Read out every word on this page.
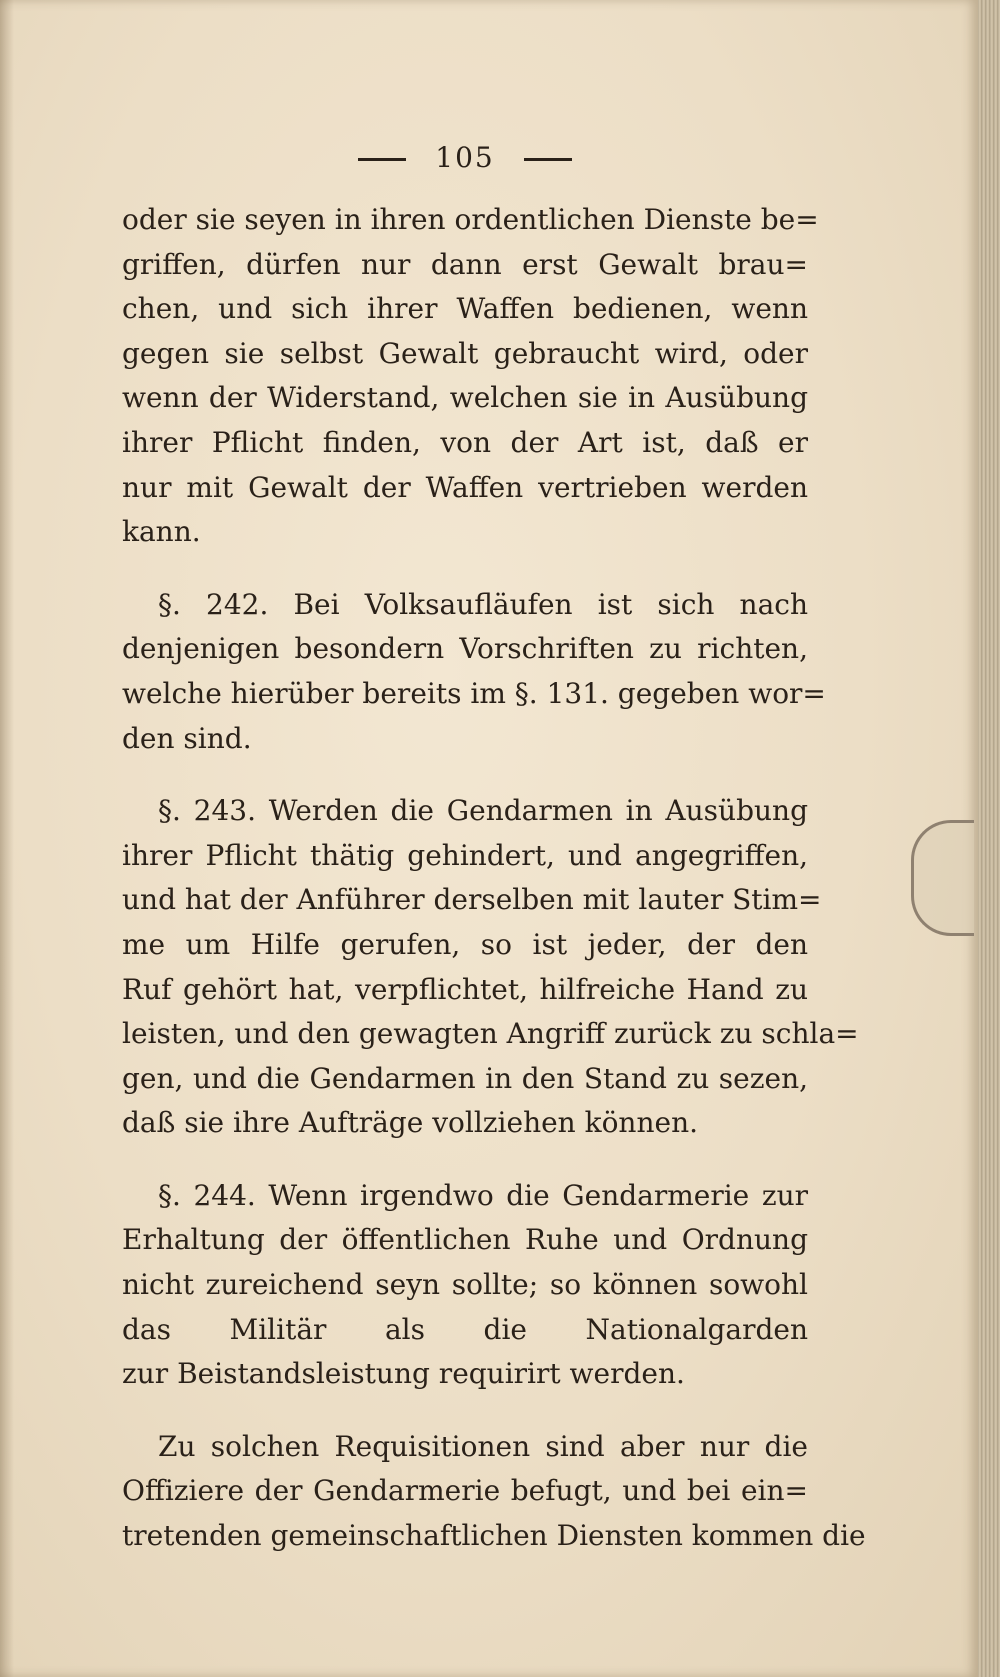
105
oder sie seyen in ihren ordentlichen Dienste be=
griffen, dürfen nur dann erst Gewalt brau=
chen, und sich ihrer Waffen bedienen, wenn
gegen sie selbst Gewalt gebraucht wird, oder
wenn der Widerstand, welchen sie in Ausübung
ihrer Pflicht finden, von der Art ist, daß er
nur mit Gewalt der Waffen vertrieben werden
kann.
§. 242. Bei Volksaufläufen ist sich nach
denjenigen besondern Vorschriften zu richten,
welche hierüber bereits im §. 131. gegeben wor=
den sind.
§. 243. Werden die Gendarmen in Ausübung
ihrer Pflicht thätig gehindert, und angegriffen,
und hat der Anführer derselben mit lauter Stim=
me um Hilfe gerufen, so ist jeder, der den
Ruf gehört hat, verpflichtet, hilfreiche Hand zu
leisten, und den gewagten Angriff zurück zu schla=
gen, und die Gendarmen in den Stand zu sezen,
daß sie ihre Aufträge vollziehen können.
§. 244. Wenn irgendwo die Gendarmerie zur
Erhaltung der öffentlichen Ruhe und Ordnung
nicht zureichend seyn sollte; so können sowohl
das Militär als die Nationalgarden
zur Beistandsleistung requirirt werden.
Zu solchen Requisitionen sind aber nur die
Offiziere der Gendarmerie befugt, und bei ein=
tretenden gemeinschaftlichen Diensten kommen die
